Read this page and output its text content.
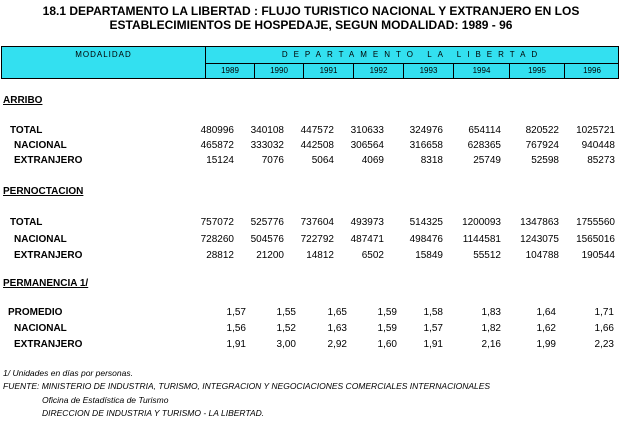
18.1 DEPARTAMENTO LA LIBERTAD : FLUJO TURISTICO NACIONAL Y EXTRANJERO EN LOS
ESTABLECIMIENTOS DE HOSPEDAJE, SEGUN MODALIDAD: 1989 - 96
MODALIDAD	DEPARTAMENTO LA LIBERTAD
1989	1990	1991	1992	1993	1994	1995	1996
ARRIBO
TOTAL	480996	340108	447572	310633	324976	654114	820522	1025721
NACIONAL	465872	333032	442508	306564	316658	628365	767924	940448
EXTRANJERO	15124	7076	5064	4069	8318	25749	52598	85273
PERNOCTACION
TOTAL	757072	525776	737604	493973	514325	1200093	1347863	1755560
NACIONAL	728260	504576	722792	487471	498476	1144581	1243075	1565016
EXTRANJERO	28812	21200	14812	6502	15849	55512	104788	190544
PERMANENCIA 1/
PROMEDIO	1,57	1,55	1,65	1,59	1,58	1,83	1,64	1,71
NACIONAL	1,56	1,52	1,63	1,59	1,57	1,82	1,62	1,66
EXTRANJERO	1,91	3,00	2,92	1,60	1,91	2,16	1,99	2,23
1/ Unidades en días por personas.
FUENTE: MINISTERIO DE INDUSTRIA, TURISMO, INTEGRACION Y NEGOCIACIONES COMERCIALES INTERNACIONALES
Oficina de Estadística de Turismo
DIRECCION DE INDUSTRIA Y TURISMO - LA LIBERTAD.
